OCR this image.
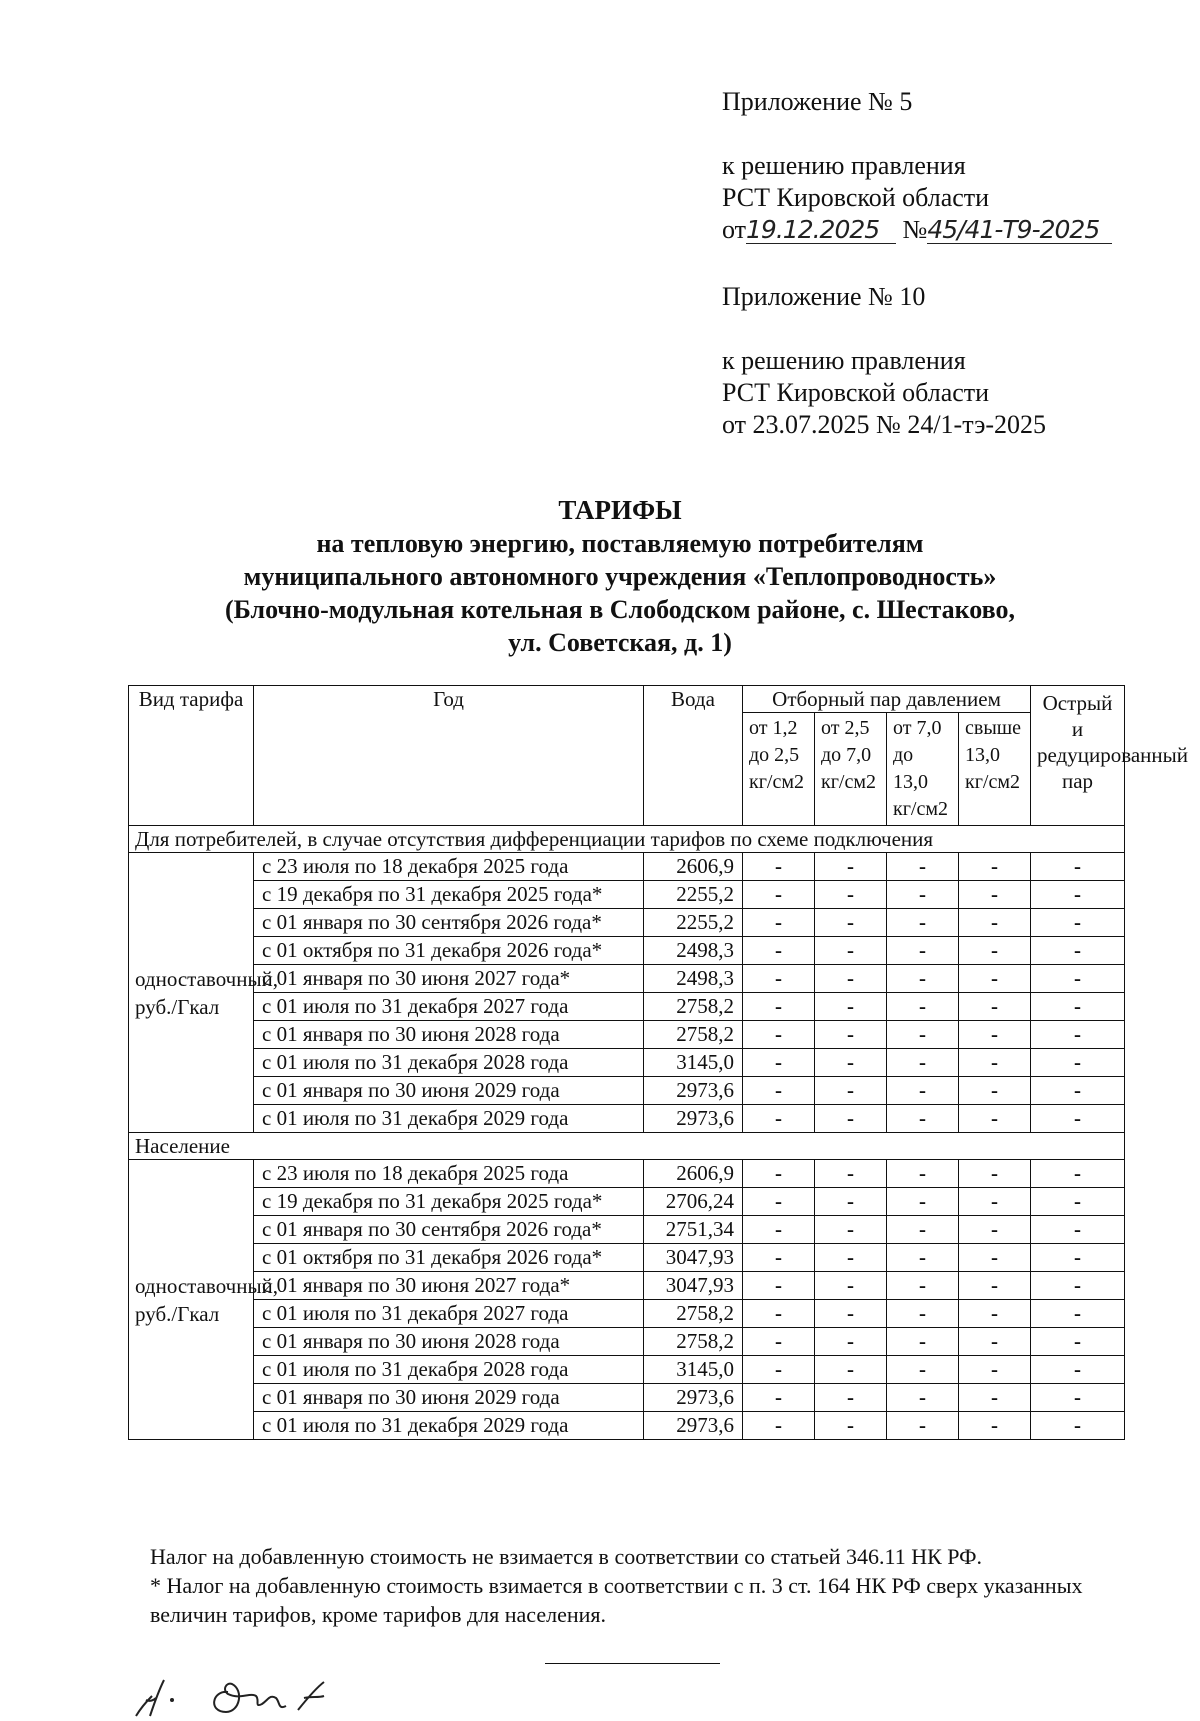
Приложение № 5
к решению правления
РСТ Кировской области
от19.12.2025 №45/41-Т9-2025
Приложение № 10
к решению правления
РСТ Кировской области
от 23.07.2025 № 24/1-тэ-2025
ТАРИФЫ
на тепловую энергию, поставляемую потребителям
муниципального автономного учреждения «Теплопроводность»
(Блочно-модульная котельная в Слободском районе, с. Шестаково,
ул. Советская, д. 1)
Вид тарифа	Год	Вода	Отборный пар давлением				Острый и редуцированный пар
			от 1,2 до 2,5 кг/см2	от 2,5 до 7,0 кг/см2	от 7,0 до 13,0 кг/см2	свыше 13,0 кг/см2	
Для потребителей, в случае отсутствия дифференциации тарифов по схеме подключения							
одноставочный, руб./Гкал	с 23 июля по 18 декабря 2025 года	2606,9	-	-	-	-	-
	с 19 декабря по 31 декабря 2025 года*	2255,2	-	-	-	-	-
	с 01 января по 30 сентября 2026 года*	2255,2	-	-	-	-	-
	с 01 октября по 31 декабря 2026 года*	2498,3	-	-	-	-	-
	с 01 января по 30 июня 2027 года*	2498,3	-	-	-	-	-
	с 01 июля по 31 декабря 2027 года	2758,2	-	-	-	-	-
	с 01 января по 30 июня 2028 года	2758,2	-	-	-	-	-
	с 01 июля по 31 декабря 2028 года	3145,0	-	-	-	-	-
	с 01 января по 30 июня 2029 года	2973,6	-	-	-	-	-
	с 01 июля по 31 декабря 2029 года	2973,6	-	-	-	-	-
Население							
одноставочный, руб./Гкал	с 23 июля по 18 декабря 2025 года	2606,9	-	-	-	-	-
	с 19 декабря по 31 декабря 2025 года*	2706,24	-	-	-	-	-
	с 01 января по 30 сентября 2026 года*	2751,34	-	-	-	-	-
	с 01 октября по 31 декабря 2026 года*	3047,93	-	-	-	-	-
	с 01 января по 30 июня 2027 года*	3047,93	-	-	-	-	-
	с 01 июля по 31 декабря 2027 года	2758,2	-	-	-	-	-
	с 01 января по 30 июня 2028 года	2758,2	-	-	-	-	-
	с 01 июля по 31 декабря 2028 года	3145,0	-	-	-	-	-
	с 01 января по 30 июня 2029 года	2973,6	-	-	-	-	-
	с 01 июля по 31 декабря 2029 года	2973,6	-	-	-	-	-
Налог на добавленную стоимость не взимается в соответствии со статьей 346.11 НК РФ.
* Налог на добавленную стоимость взимается в соответствии с п. 3 ст. 164 НК РФ сверх указанных величин тарифов, кроме тарифов для населения.
